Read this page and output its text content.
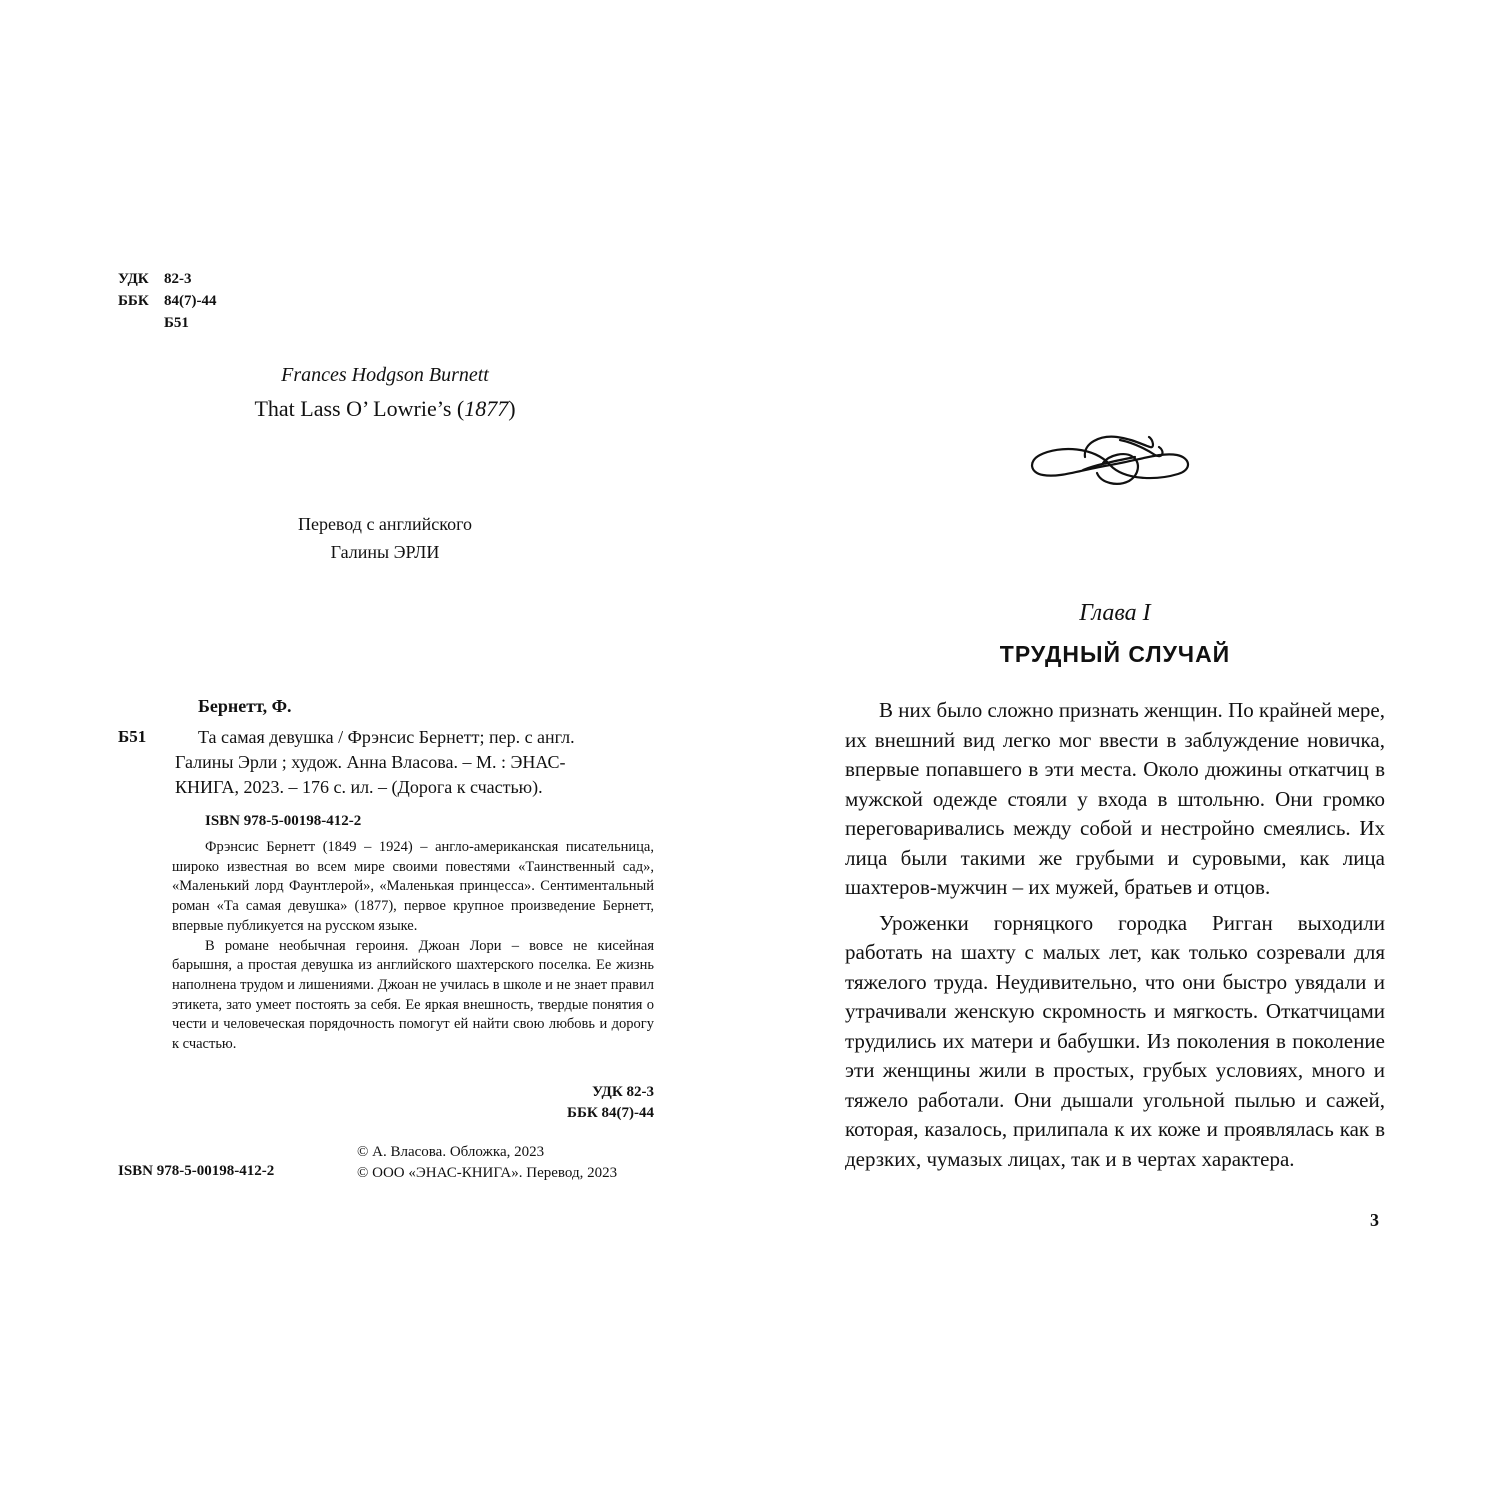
УДК	82-3
ББК	84(7)-44
Б51
Frances Hodgson Burnett
That Lass O’ Lowrie’s (1877)
Перевод с английского
Галины ЭРЛИ
Бернетт, Ф.
Б51	Та самая девушка / Фрэнсис Бернетт; пер. с англ.
Галины Эрли ; худож. Анна Власова. – М. : ЭНАС-
КНИГА, 2023. – 176 с. ил. – (Дорога к счастью).
ISBN 978-5-00198-412-2

Фрэнсис Бернетт (1849 – 1924) – англо-американская писательница, широко известная во всем мире своими повестями «Таинственный сад», «Маленький лорд Фаунтлерой», «Маленькая принцесса». Сентиментальный роман «Та самая девушка» (1877), первое крупное произведение Бернетт, впервые публикуется на русском языке.

В романе необычная героиня. Джоан Лори – вовсе не кисейная барышня, а простая девушка из английского шахтерского поселка. Ее жизнь наполнена трудом и лишениями. Джоан не училась в школе и не знает правил этикета, зато умеет постоять за себя. Ее яркая внешность, твердые понятия о чести и человеческая порядочность помогут ей найти свою любовь и дорогу к счастью.

УДК 82-3
ББК 84(7)-44
ISBN 978-5-00198-412-2
© А. Власова. Обложка, 2023
© ООО «ЭНАС-КНИГА». Перевод, 2023
Глава I
ТРУДНЫЙ СЛУЧАЙ

В них было сложно признать женщин. По крайней мере, их внешний вид легко мог ввести в заблуждение новичка, впервые попавшего в эти места. Около дюжины откатчиц в мужской одежде стояли у входа в штольню. Они громко переговаривались между собой и нестройно смеялись. Их лица были такими же грубыми и суровыми, как лица шахтеров-мужчин – их мужей, братьев и отцов.

Уроженки горняцкого городка Ригган выходили работать на шахту с малых лет, как только созревали для тяжелого труда. Неудивительно, что они быстро увядали и утрачивали женскую скромность и мягкость. Откатчицами трудились их матери и бабушки. Из поколения в поколение эти женщины жили в простых, грубых условиях, много и тяжело работали. Они дышали угольной пылью и сажей, которая, казалось, прилипала к их коже и проявлялась как в дерзких, чумазых лицах, так и в чертах характера.

3
